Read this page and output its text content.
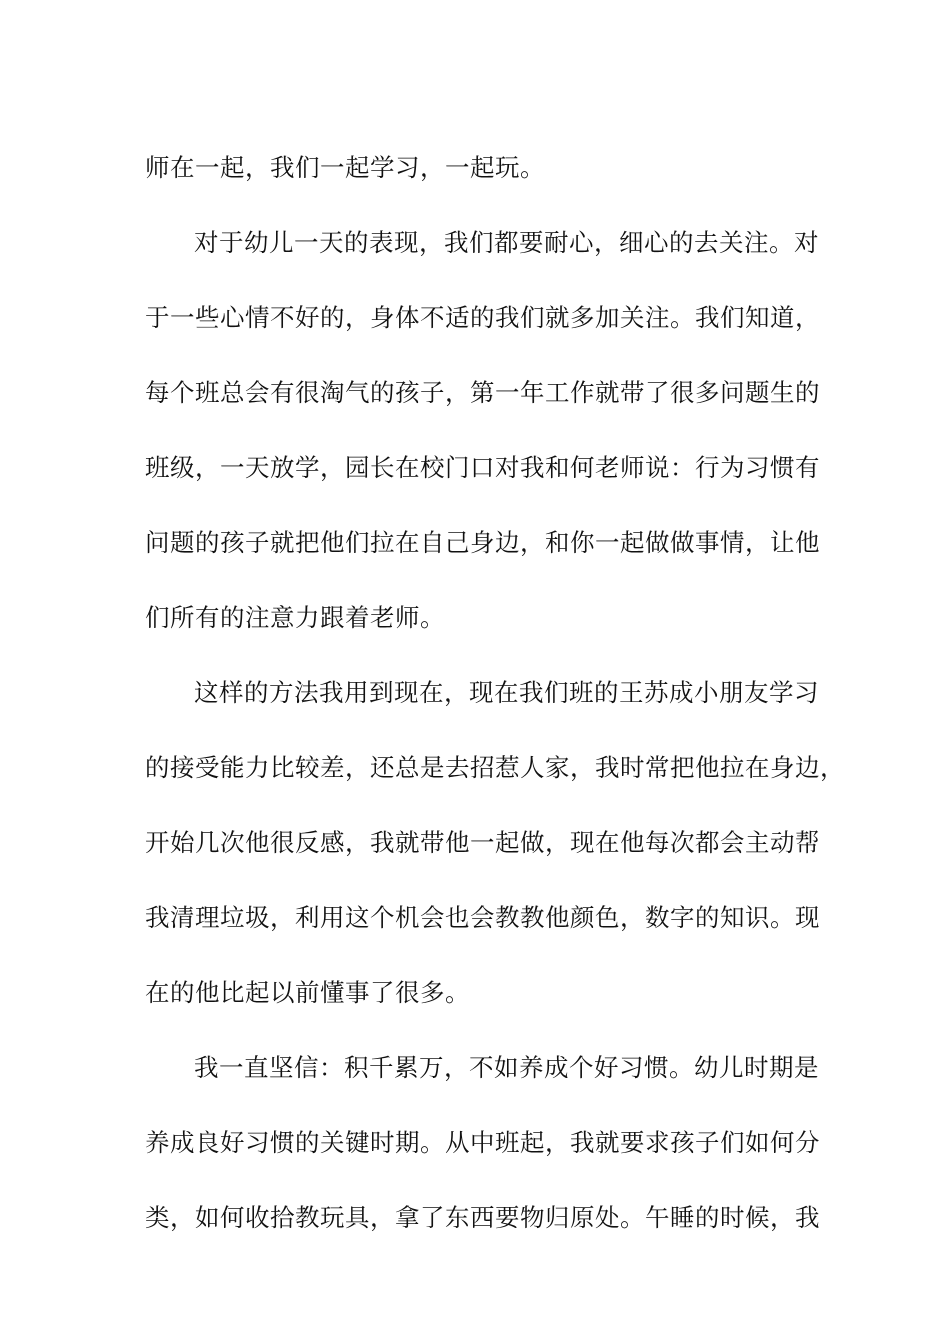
师在一起，我们一起学习，一起玩。
对于幼儿一天的表现，我们都要耐心，细心的去关注。对
于一些心情不好的，身体不适的我们就多加关注。我们知道，
每个班总会有很淘气的孩子，第一年工作就带了很多问题生的
班级，一天放学，园长在校门口对我和何老师说：行为习惯有
问题的孩子就把他们拉在自己身边，和你一起做做事情，让他
们所有的注意力跟着老师。
这样的方法我用到现在，现在我们班的王苏成小朋友学习
的接受能力比较差，还总是去招惹人家，我时常把他拉在身边，
开始几次他很反感，我就带他一起做，现在他每次都会主动帮
我清理垃圾，利用这个机会也会教教他颜色，数字的知识。现
在的他比起以前懂事了很多。
我一直坚信：积千累万，不如养成个好习惯。幼儿时期是
养成良好习惯的关键时期。从中班起，我就要求孩子们如何分
类，如何收拾教玩具，拿了东西要物归原处。午睡的时候，我
